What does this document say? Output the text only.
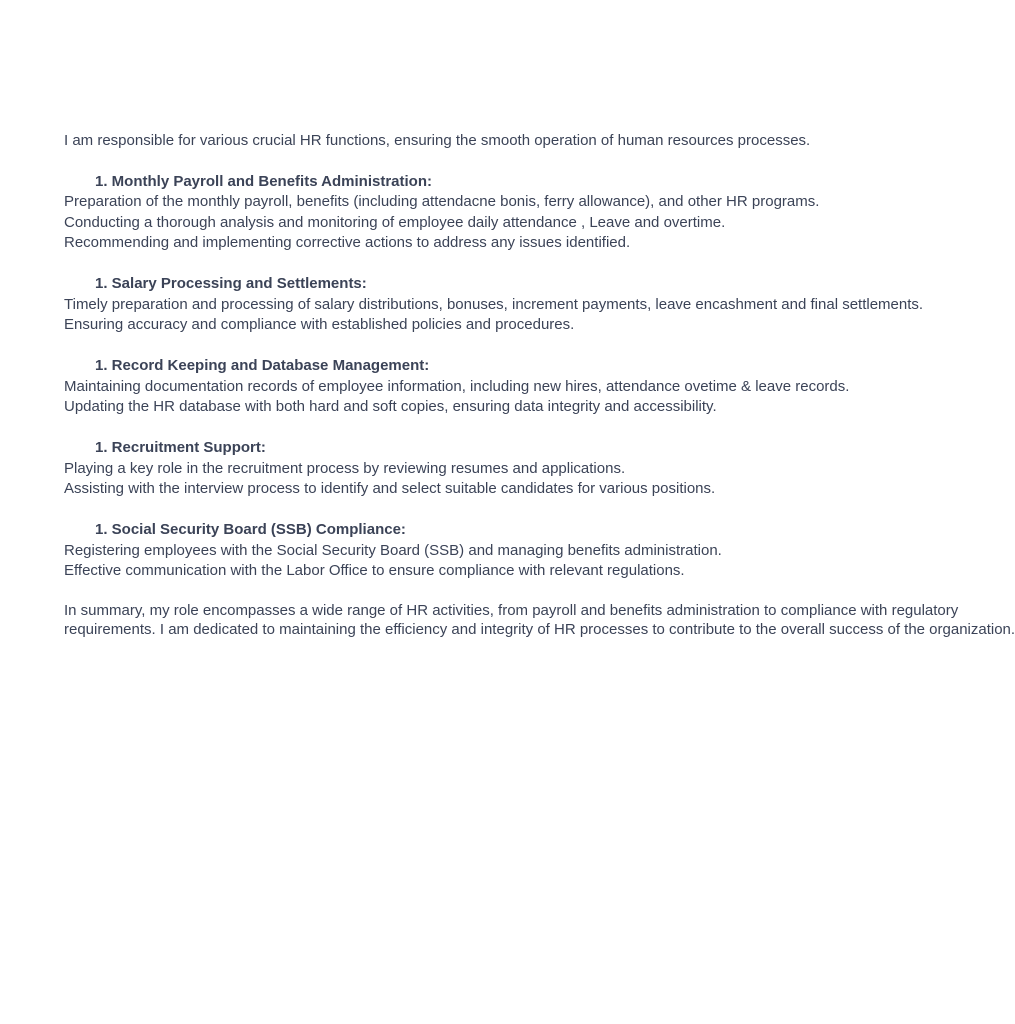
I am responsible for various crucial HR functions, ensuring the smooth operation of human resources processes.
1. Monthly Payroll and Benefits Administration:
Preparation of the monthly payroll, benefits (including attendacne bonis, ferry allowance), and other HR programs.
Conducting a thorough analysis and monitoring of employee daily attendance , Leave and overtime.
Recommending and implementing corrective actions to address any issues identified.
1. Salary Processing and Settlements:
Timely preparation and processing of salary distributions, bonuses, increment payments, leave encashment and final settlements.
Ensuring accuracy and compliance with established policies and procedures.
1. Record Keeping and Database Management:
Maintaining documentation records of employee information, including new hires, attendance ovetime & leave records.
Updating the HR database with both hard and soft copies, ensuring data integrity and accessibility.
1. Recruitment Support:
Playing a key role in the recruitment process by reviewing resumes and applications.
Assisting with the interview process to identify and select suitable candidates for various positions.
1. Social Security Board (SSB) Compliance:
Registering employees with the Social Security Board (SSB) and managing benefits administration.
Effective communication with the Labor Office to ensure compliance with relevant regulations.
In summary, my role encompasses a wide range of HR activities, from payroll and benefits administration to compliance with regulatory
requirements. I am dedicated to maintaining the efficiency and integrity of HR processes to contribute to the overall success of the organization.
